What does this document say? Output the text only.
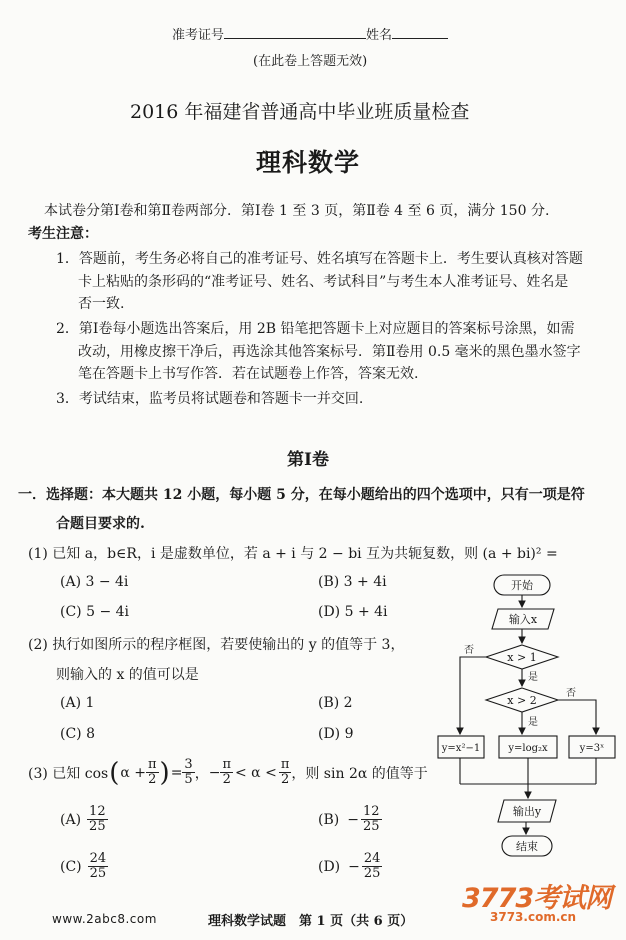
准考证号	姓名
(在此卷上答题无效)
2016 年福建省普通高中毕业班质量检查
理科数学
本试卷分第Ⅰ卷和第Ⅱ卷两部分．第Ⅰ卷 1 至 3 页，第Ⅱ卷 4 至 6 页，满分 150 分.
考生注意：
1．答题前，考生务必将自己的准考证号、姓名填写在答题卡上．考生要认真核对答题
卡上粘贴的条形码的“准考证号、姓名、考试科目”与考生本人准考证号、姓名是
否一致.
2．第Ⅰ卷每小题选出答案后，用 2B 铅笔把答题卡上对应题目的答案标号涂黑，如需
改动，用橡皮擦干净后，再选涂其他答案标号．第Ⅱ卷用 0.5 毫米的黑色墨水签字
笔在答题卡上书写作答．若在试题卷上作答，答案无效.
3．考试结束，监考员将试题卷和答题卡一并交回.
第Ⅰ卷
一．选择题：本大题共 12 小题，每小题 5 分，在每小题给出的四个选项中，只有一项是符
合题目要求的.
(1) 已知 a，b∈R，i 是虚数单位，若 a + i 与 2 − bi 互为共轭复数，则 (a + bi)² =
(A) 3 − 4i	(B) 3 + 4i
(C) 5 − 4i	(D) 5 + 4i
(2) 执行如图所示的程序框图，若要使输出的 y 的值等于 3，
则输入的 x 的值可以是
(A) 1	(B) 2
(C) 8	(D) 9
(3) 已知 cos ( $\alpha + \frac{\pi}{2}$ ) = $\frac{3}{5}$ ， − $\frac{\pi}{2} < \alpha < \frac{\pi}{2}$ ，则 sin 2α 的值等于
$(A) \frac{12}{25}$	$(B) - \frac{12}{25}$
$(C) \frac{24}{25}$	$(D) - \frac{24}{25}$
开始
输入x
x > 1
x > 2
是
否
是
否
y=x²−1	y=log₂x	y=3ˣ
输出y
结束
www.2abc8.com	理科数学试题　第 1 页（共 6 页）
3773考试网
3773.com.cn
